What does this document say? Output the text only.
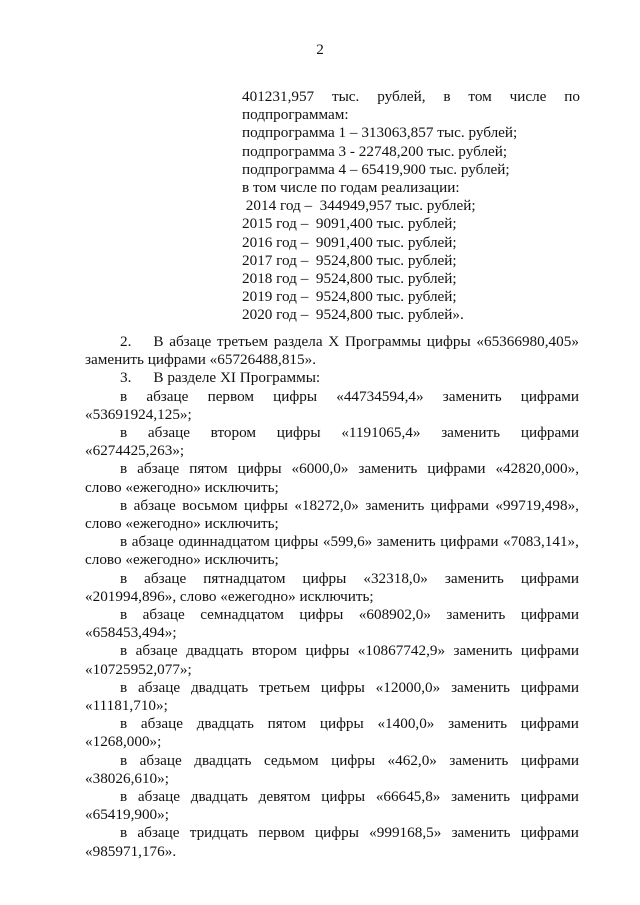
2
401231,957 тыс. рублей, в том числе по
подпрограммам:
подпрограмма 1 – 313063,857 тыс. рублей;
подпрограмма 3 - 22748,200 тыс. рублей;
подпрограмма 4 – 65419,900 тыс. рублей;
в том числе по годам реализации:
2014 год –  344949,957 тыс. рублей;
2015 год –  9091,400 тыс. рублей;
2016 год –  9091,400 тыс. рублей;
2017 год –  9524,800 тыс. рублей;
2018 год –  9524,800 тыс. рублей;
2019 год –  9524,800 тыс. рублей;
2020 год –  9524,800 тыс. рублей».
2. В абзаце третьем раздела X Программы цифры «65366980,405»
заменить цифрами «65726488,815».
3. В разделе XI Программы:
в абзаце первом цифры «44734594,4» заменить цифрами
«53691924,125»;
в абзаце втором цифры «1191065,4» заменить цифрами
«6274425,263»;
в абзаце пятом цифры «6000,0» заменить цифрами «42820,000»,
слово «ежегодно» исключить;
в абзаце восьмом цифры «18272,0» заменить цифрами «99719,498»,
слово «ежегодно» исключить;
в абзаце одиннадцатом цифры «599,6» заменить цифрами «7083,141»,
слово «ежегодно» исключить;
в абзаце пятнадцатом цифры «32318,0» заменить цифрами
«201994,896», слово «ежегодно» исключить;
в абзаце семнадцатом цифры «608902,0» заменить цифрами
«658453,494»;
в абзаце двадцать втором цифры «10867742,9» заменить цифрами
«10725952,077»;
в абзаце двадцать третьем цифры «12000,0» заменить цифрами
«11181,710»;
в абзаце двадцать пятом цифры «1400,0» заменить цифрами
«1268,000»;
в абзаце двадцать седьмом цифры «462,0» заменить цифрами
«38026,610»;
в абзаце двадцать девятом цифры «66645,8» заменить цифрами
«65419,900»;
в абзаце тридцать первом цифры «999168,5» заменить цифрами
«985971,176».
